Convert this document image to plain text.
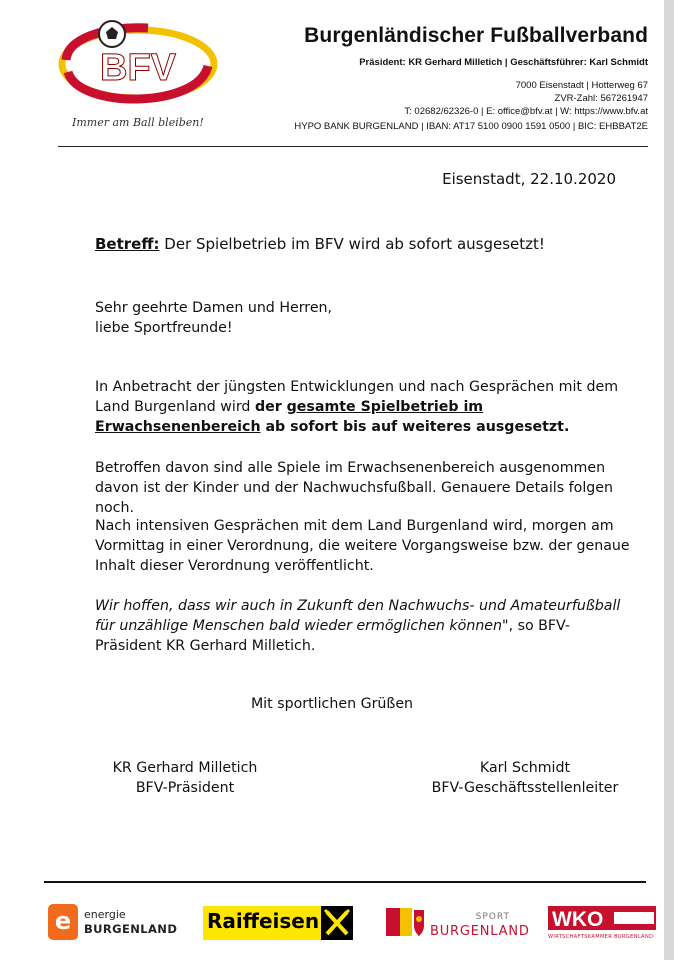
BFV
Immer am Ball bleiben!
Burgenländischer Fußballverband
Präsident: KR Gerhard Milletich | Geschäftsführer: Karl Schmidt
7000 Eisenstadt | Hotterweg 67
ZVR-Zahl: 567261947
T: 02682/62326-0 | E: office@bfv.at | W: https://www.bfv.at
HYPO BANK BURGENLAND | IBAN: AT17 5100 0900 1591 0500 | BIC: EHBBAT2E
Eisenstadt, 22.10.2020
Betreff: Der Spielbetrieb im BFV wird ab sofort ausgesetzt!
Sehr geehrte Damen und Herren,
liebe Sportfreunde!
In Anbetracht der jüngsten Entwicklungen und nach Gesprächen mit dem Land Burgenland wird der gesamte Spielbetrieb im Erwachsenenbereich ab sofort bis auf weiteres ausgesetzt.
Betroffen davon sind alle Spiele im Erwachsenenbereich ausgenommen davon ist der Kinder und der Nachwuchsfußball. Genauere Details folgen noch.
Nach intensiven Gesprächen mit dem Land Burgenland wird, morgen am Vormittag in einer Verordnung, die weitere Vorgangsweise bzw. der genaue Inhalt dieser Verordnung veröffentlicht.
Wir hoffen, dass wir auch in Zukunft den Nachwuchs- und Amateurfußball für unzählige Menschen bald wieder ermöglichen können", so BFV-Präsident KR Gerhard Milletich.
Mit sportlichen Grüßen
KR Gerhard Milletich
BFV-Präsident
Karl Schmidt
BFV-Geschäftsstellenleiter
e	energie
BURGENLAND Raiffeisen	SPORT
BURGENLAND
WKO
WIRTSCHAFTSKAMMER BURGENLAND
